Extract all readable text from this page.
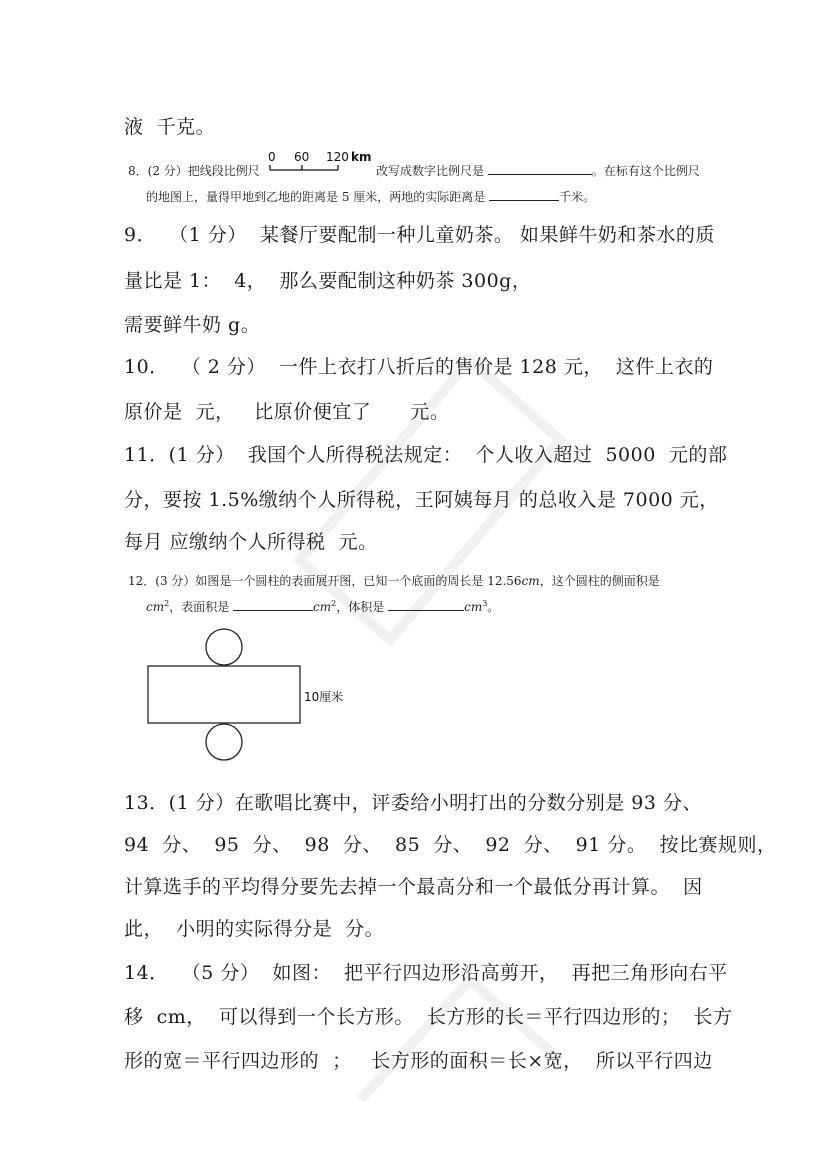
液  千克。
8．(2 分）把线段比例尺
0 60 120 km
改写成数字比例尺是	。在标有这个比例尺
的地图上，量得甲地到乙地的距离是 5 厘米，两地的实际距离是	千米。
9．  （1 分）  某餐厅要配制一种儿童奶茶。 如果鲜牛奶和茶水的质
量比是 1：  4，  那么要配制这种奶茶 300g，
需要鲜牛奶 g。
10．  （ 2 分）  一件上衣打八折后的售价是 128 元，  这件上衣的
原价是  元，   比原价便宜了      元。
11．(1 分）  我国个人所得税法规定：  个人收入超过  5000  元的部
分，要按 1.5%缴纳个人所得税，王阿姨每月 的总收入是 7000 元，
每月 应缴纳个人所得税  元。
12．(3 分）如图是一个圆柱的表面展开图，已知一个底面的周长是 12.56cm，这个圆柱的侧面积是
$cm^2$，表面积是	$cm^2$，体积是	$cm^3$。
10厘米
13．(1 分）在歌唱比赛中，评委给小明打出的分数分别是 93 分、
94  分、  95  分、  98  分、  85  分、  92  分、  91 分。  按比赛规则，
计算选手的平均得分要先去掉一个最高分和一个最低分再计算。  因
此，  小明的实际得分是  分。
14．  （5 分）  如图：  把平行四边形沿高剪开，  再把三角形向右平
移  cm，  可以得到一个长方形。  长方形的长＝平行四边形的；  长方
形的宽＝平行四边形的  ；   长方形的面积＝长×宽，  所以平行四边
